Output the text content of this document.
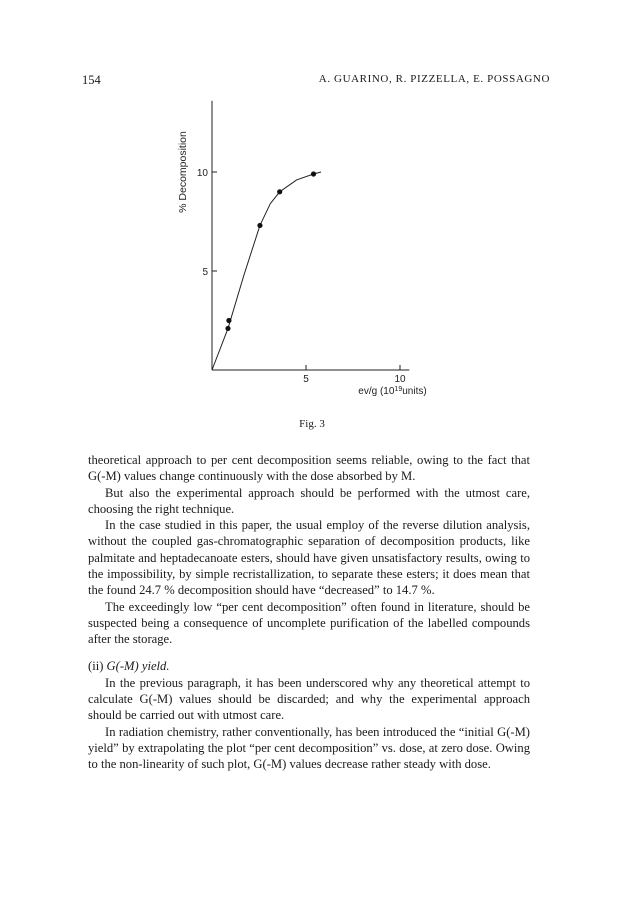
154	A. GUARINO, R. PIZZELLA, E. POSSAGNO
5	10
5
10
% Decomposition
ev/g $(10^{19}units)$
Fig. 3

theoretical approach to per cent decomposition seems reliable, owing to the fact that G(-M) values change continuously with the dose absorbed by M.

But also the experimental approach should be performed with the utmost care, choosing the right technique.

In the case studied in this paper, the usual employ of the reverse dilution analysis, without the coupled gas-chromatographic separation of decomposition products, like palmitate and heptadecanoate esters, should have given unsatisfactory results, owing to the impossibility, by simple recristallization, to separate these esters; it does mean that the found 24.7 % decomposition should have “decreased” to 14.7 %.

The exceedingly low “per cent decomposition” often found in literature, should be suspected being a consequence of uncomplete purification of the labelled compounds after the storage.

(ii) G(-M) yield.

In the previous paragraph, it has been underscored why any theoretical attempt to calculate G(-M) values should be discarded; and why the experimental approach should be carried out with utmost care.

In radiation chemistry, rather conventionally, has been introduced the “initial G(-M) yield” by extrapolating the plot “per cent decomposition” vs. dose, at zero dose. Owing to the non-linearity of such plot, G(-M) values decrease rather steady with dose.
